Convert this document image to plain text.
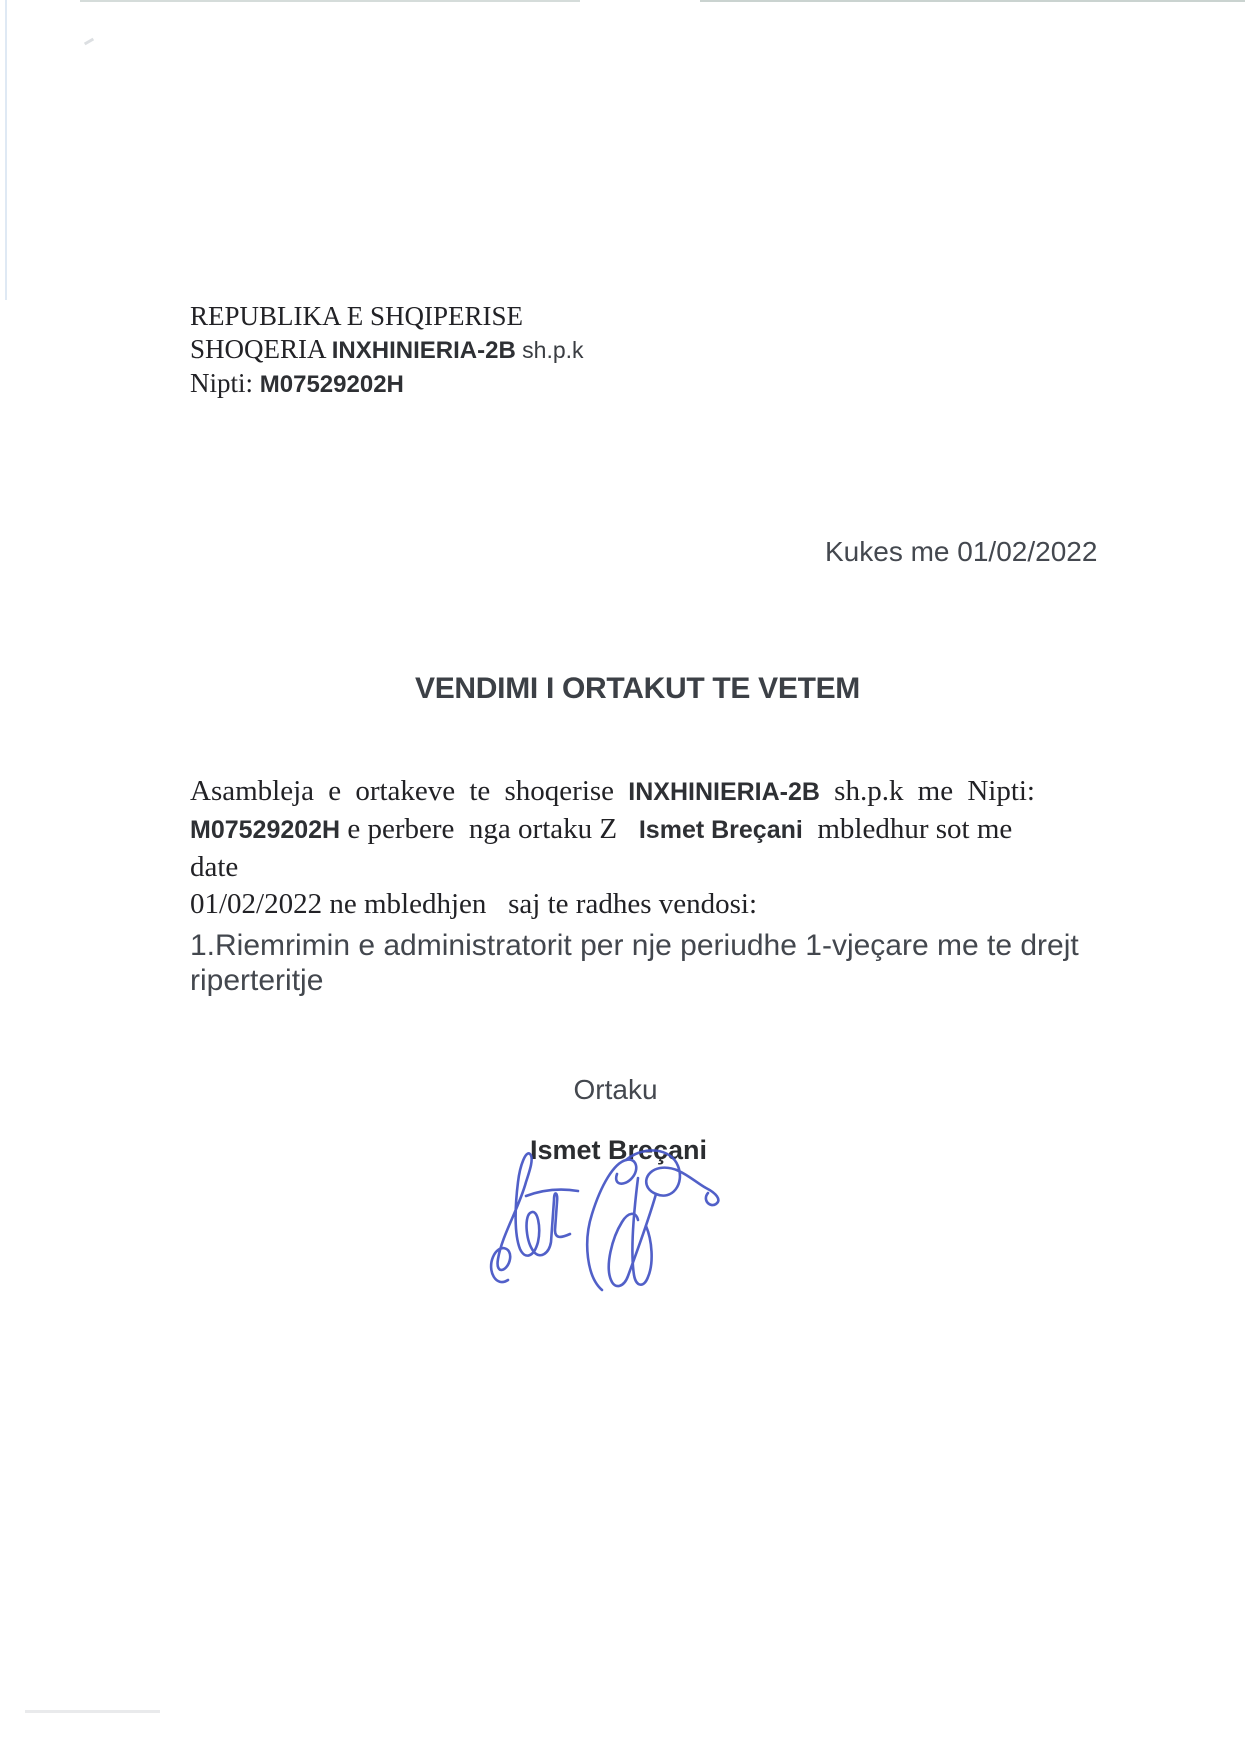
REPUBLIKA E SHQIPERISE
SHOQERIA INXHINIERIA-2B sh.p.k
Nipti: M07529202H
Kukes me 01/02/2022
VENDIMI I ORTAKUT TE VETEM
Asambleja e ortakeve te shoqerise INXHINIERIA-2B sh.p.k me Nipti:
M07529202H e perbere  nga ortaku Z   Ismet Breçani  mbledhur sot me date
01/02/2022 ne mbledhjen   saj te radhes vendosi:
1.Riemrimin e administratorit per nje periudhe 1-vjeçare me te drejt
riperteritje
Ortaku
Ismet Breçani
